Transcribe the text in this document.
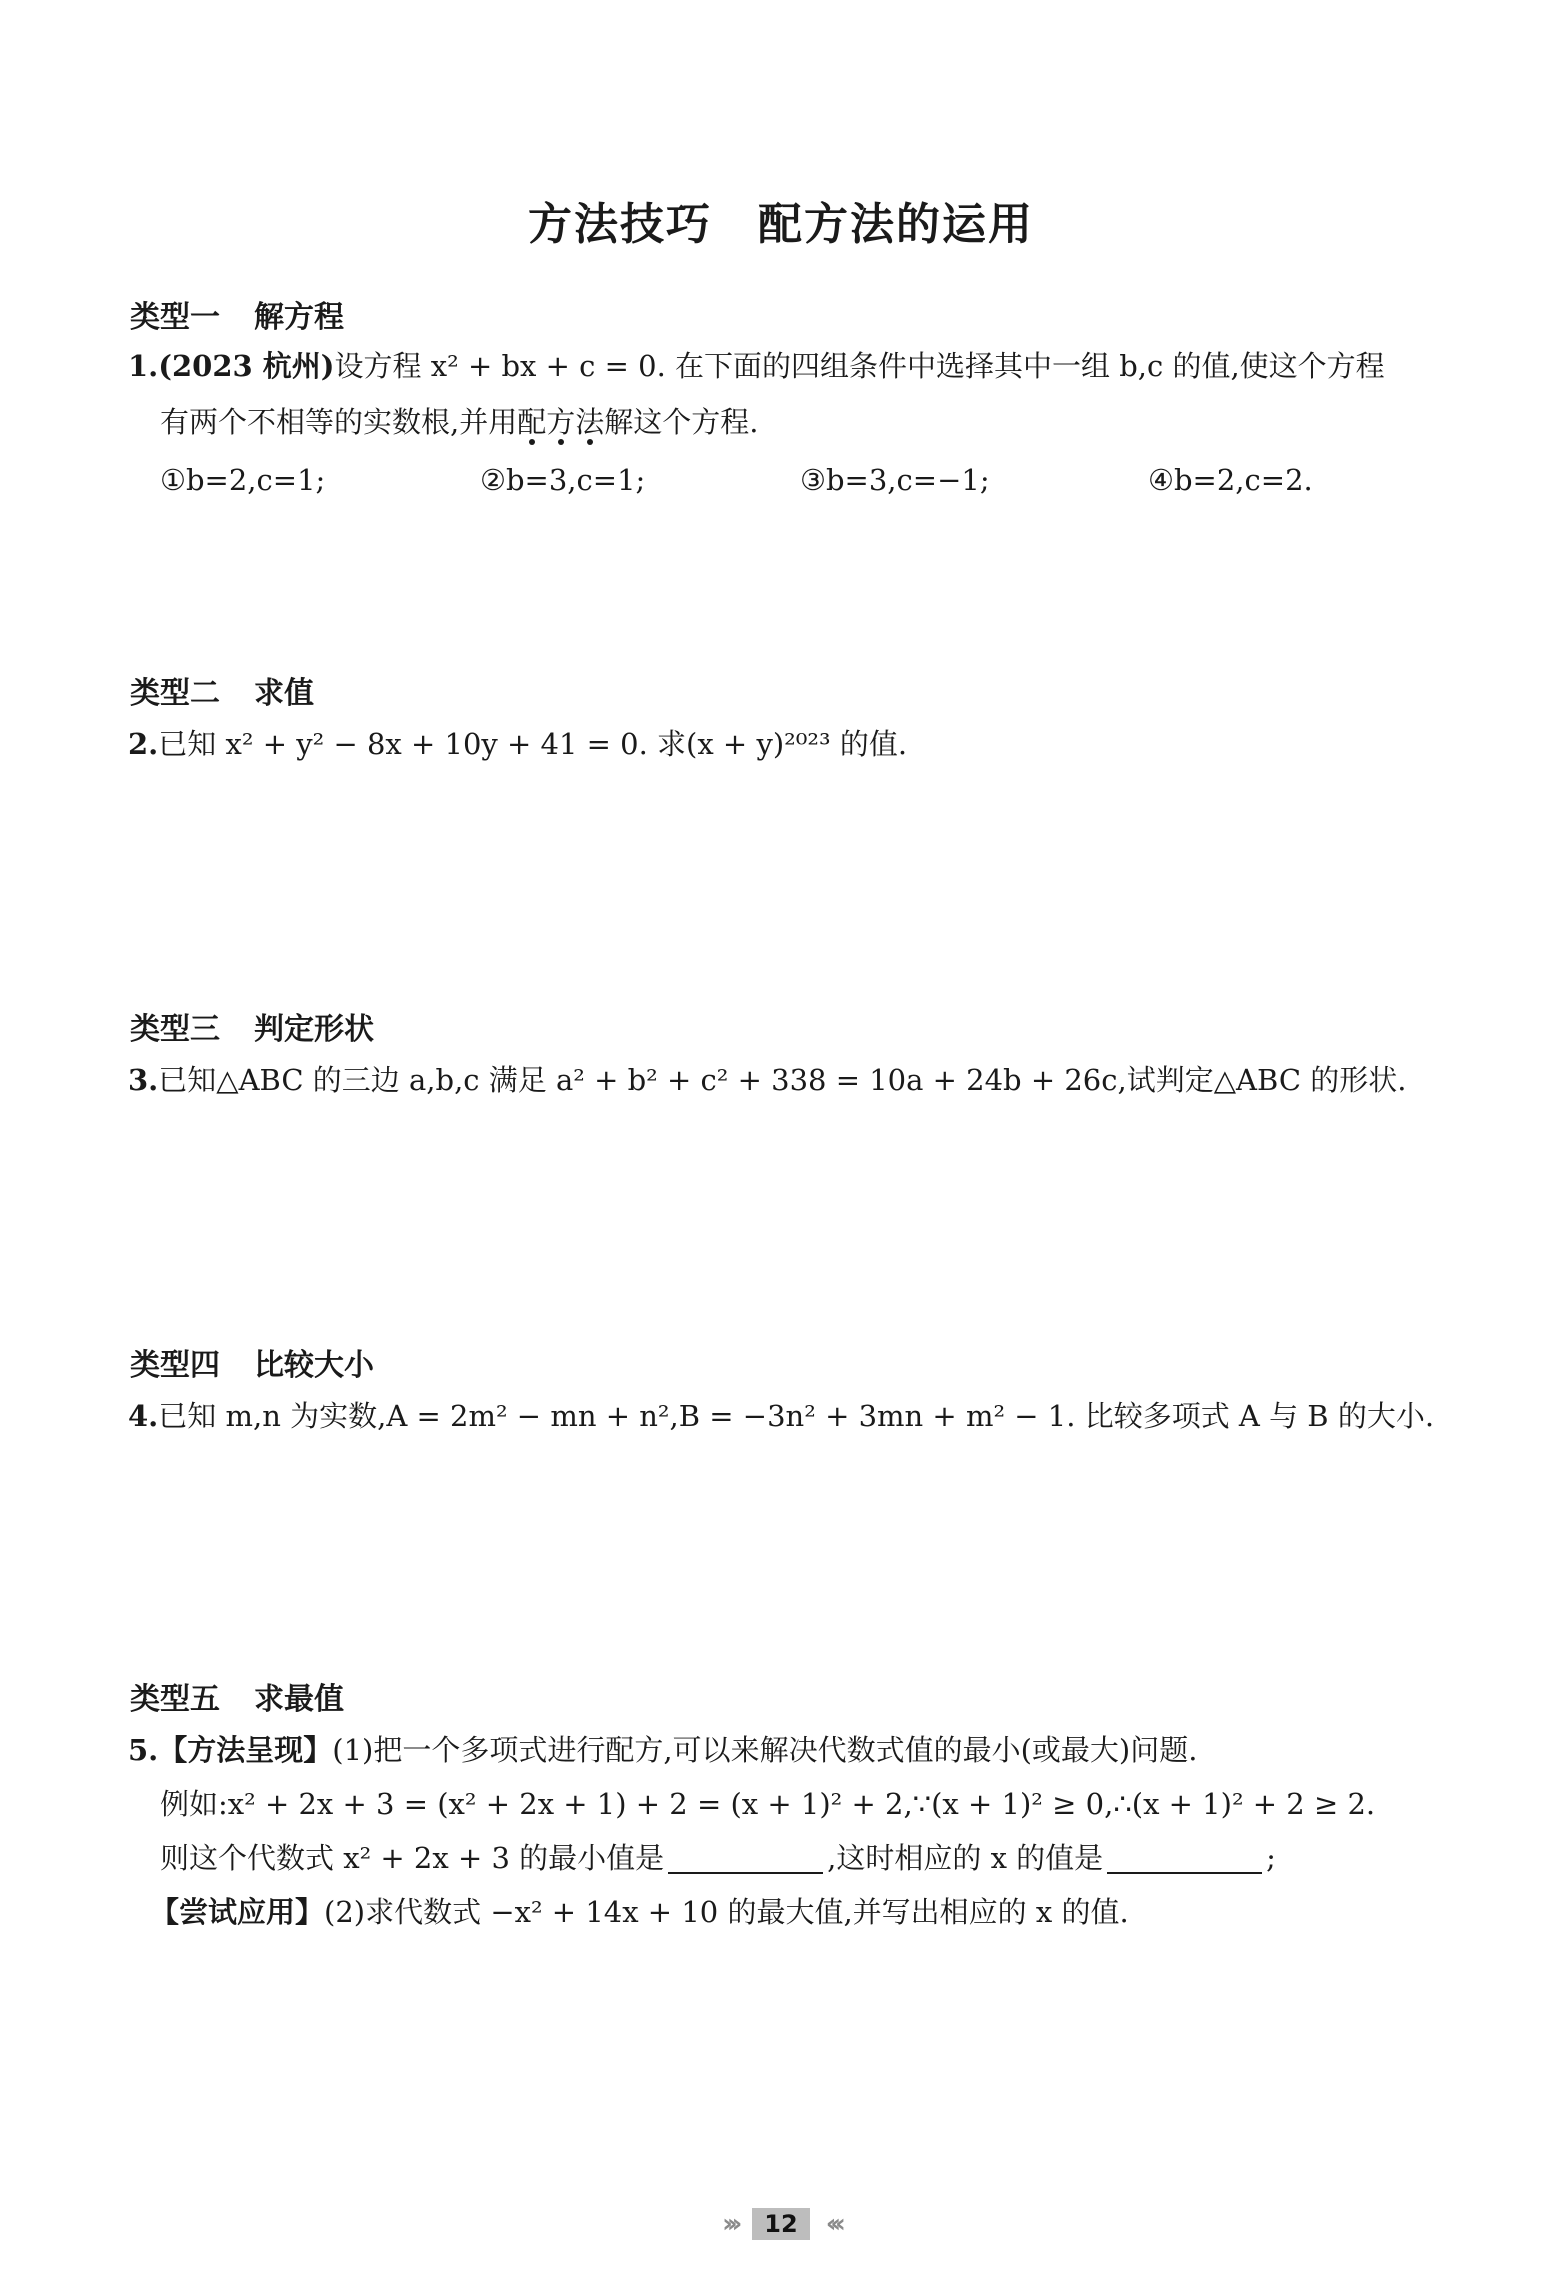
方法技巧 配方法的运用
类型一 解方程
1.(2023 杭州)设方程 x² + bx + c = 0. 在下面的四组条件中选择其中一组 b,c 的值,使这个方程
有两个不相等的实数根,并用配方法
解这个方程.
①b=2,c=1;	②b=3,c=1;	③b=3,c=−1;	④b=2,c=2.
类型二 求值
2.已知 x² + y² − 8x + 10y + 41 = 0. 求(x + y)²⁰²³ 的值.
类型三 判定形状
3.已知△ABC 的三边 a,b,c 满足 a² + b² + c² + 338 = 10a + 24b + 26c,试判定△ABC 的形状.
类型四 比较大小
4.已知 m,n 为实数,A = 2m² − mn + n²,B = −3n² + 3mn + m² − 1. 比较多项式 A 与 B 的大小.
类型五 求最值
5.【方法呈现】(1)把一个多项式进行配方,可以来解决代数式值的最小(或最大)问题.
例如:x² + 2x + 3 = (x² + 2x + 1) + 2 = (x + 1)² + 2,∵(x + 1)² ≥ 0,∴(x + 1)² + 2 ≥ 2.
则这个代数式 x² + 2x + 3 的最小值是	,这时相应的 x 的值是	;
【尝试应用】(2)求代数式 −x² + 14x + 10 的最大值,并写出相应的 x 的值.
›››	12	‹‹‹
